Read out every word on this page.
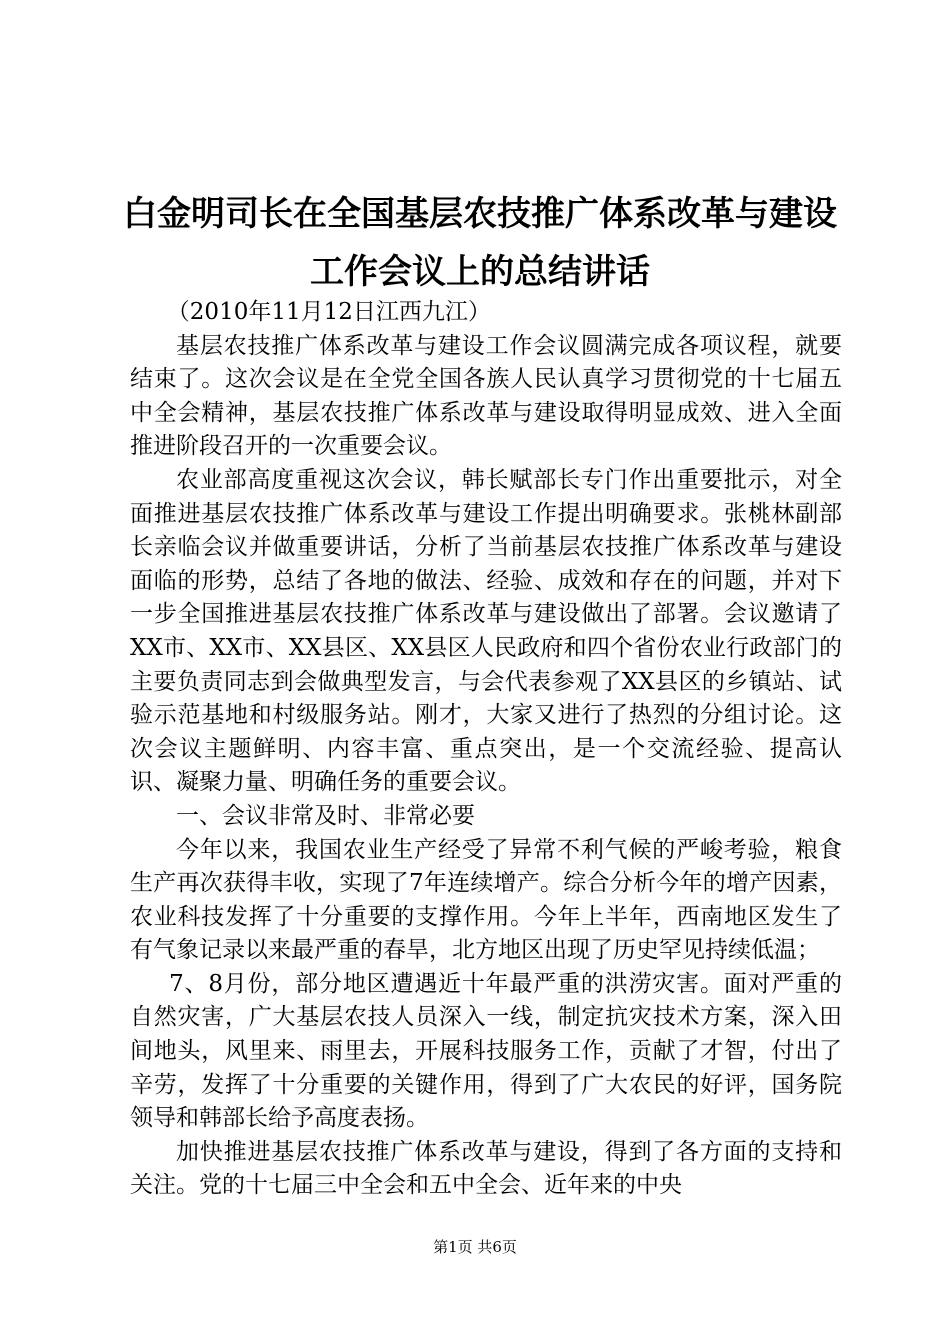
白金明司长在全国基层农技推广体系改革与建设工作会议上的总结讲话

（2010年11月12日江西九江）

基层农技推广体系改革与建设工作会议圆满完成各项议程，就要结束了。这次会议是在全党全国各族人民认真学习贯彻党的十七届五中全会精神，基层农技推广体系改革与建设取得明显成效、进入全面推进阶段召开的一次重要会议。

农业部高度重视这次会议，韩长赋部长专门作出重要批示，对全面推进基层农技推广体系改革与建设工作提出明确要求。张桃林副部长亲临会议并做重要讲话，分析了当前基层农技推广体系改革与建设面临的形势，总结了各地的做法、经验、成效和存在的问题，并对下一步全国推进基层农技推广体系改革与建设做出了部署。会议邀请了XX市、XX市、XX县区、XX县区人民政府和四个省份农业行政部门的主要负责同志到会做典型发言，与会代表参观了XX县区的乡镇站、试验示范基地和村级服务站。刚才，大家又进行了热烈的分组讨论。这次会议主题鲜明、内容丰富、重点突出，是一个交流经验、提高认识、凝聚力量、明确任务的重要会议。

一、会议非常及时、非常必要

今年以来，我国农业生产经受了异常不利气候的严峻考验，粮食生产再次获得丰收，实现了7年连续增产。综合分析今年的增产因素，农业科技发挥了十分重要的支撑作用。今年上半年，西南地区发生了有气象记录以来最严重的春旱，北方地区出现了历史罕见持续低温；

7、8月份，部分地区遭遇近十年最严重的洪涝灾害。面对严重的自然灾害，广大基层农技人员深入一线，制定抗灾技术方案，深入田间地头，风里来、雨里去，开展科技服务工作，贡献了才智，付出了辛劳，发挥了十分重要的关键作用，得到了广大农民的好评，国务院领导和韩部长给予高度表扬。

加快推进基层农技推广体系改革与建设，得到了各方面的支持和关注。党的十七届三中全会和五中全会、近年来的中央

第1页 共6页
